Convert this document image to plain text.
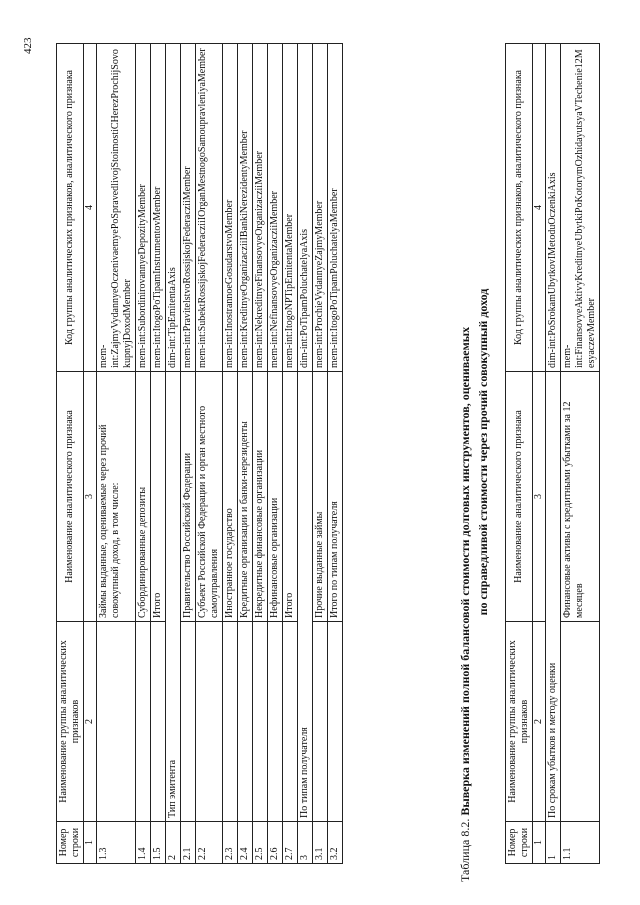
423
Номер строки	Наименование группы аналитических признаков	Наименование аналитического признака	Код группы аналитических признаков, аналитического признака
1	2	3	4
1.3		Займы выданные, оцениваемые через прочий совокупный доход, в том числе:	mem-int:ZajmyVydannyeOczenivaemyePoSpravedlivojStoimostiCHerezProchijSovokupnyjDoxodMember
1.4		Субординированные депозиты	mem-int:SubordinirovannyeDepozityMember
1.5		Итого	mem-int:ItogoPoTipamInstrumentovMember
2	Тип эмитента		dim-int:TipEmitentaAxis
2.1		Правительство Российской Федерации	mem-int:PravitelstvoRossijskojFederacziiMember
2.2		Субъект Российской Федерации и орган местного самоуправления	mem-int:SubektRossijskojFederacziiIOrganMestnogoSamoupravleniyaMember
2.3		Иностранное государство	mem-int:InostrannoeGosudarstvoMember
2.4		Кредитные организации и банки-нерезиденты	mem-int:KreditnyeOrganizacziiIBankiNerezidentyMember
2.5		Некредитные финансовые организации	mem-int:NekreditnyeFinansovyeOrganizacziiMember
2.6		Нефинансовые организации	mem-int:NefinansovyeOrganizacziiMember
2.7		Итого	mem-int:ItogoNPTipEmitentaMember
3	По типам получателя		dim-int:PoTipamPoluchatelyaAxis
3.1		Прочие выданные займы	mem-int:ProchieVydannyeZajmyMember
3.2		Итого по типам получателя	mem-int:ItogoPoTipamPoluchatelyaMember
Таблица 8.2. Выверка изменений полной балансовой стоимости долговых инструментов, оцениваемых по справедливой стоимости через прочий совокупный доход
Номер строки	Наименование группы аналитических признаков	Наименование аналитического признака	Код группы аналитических признаков, аналитического признака
1	2	3	4
1	По срокам убытков и методу оценки		dim-int:PoSrokamUbytkovIMetoduOczenkiAxis
1.1		Финансовые активы с кредитными убытками за 12 месяцев	mem-int:FinansovyeAktivyKreditnyeUbytkiPoKotorymOzhidayutsyaVTechenie12MesyaczevMember
